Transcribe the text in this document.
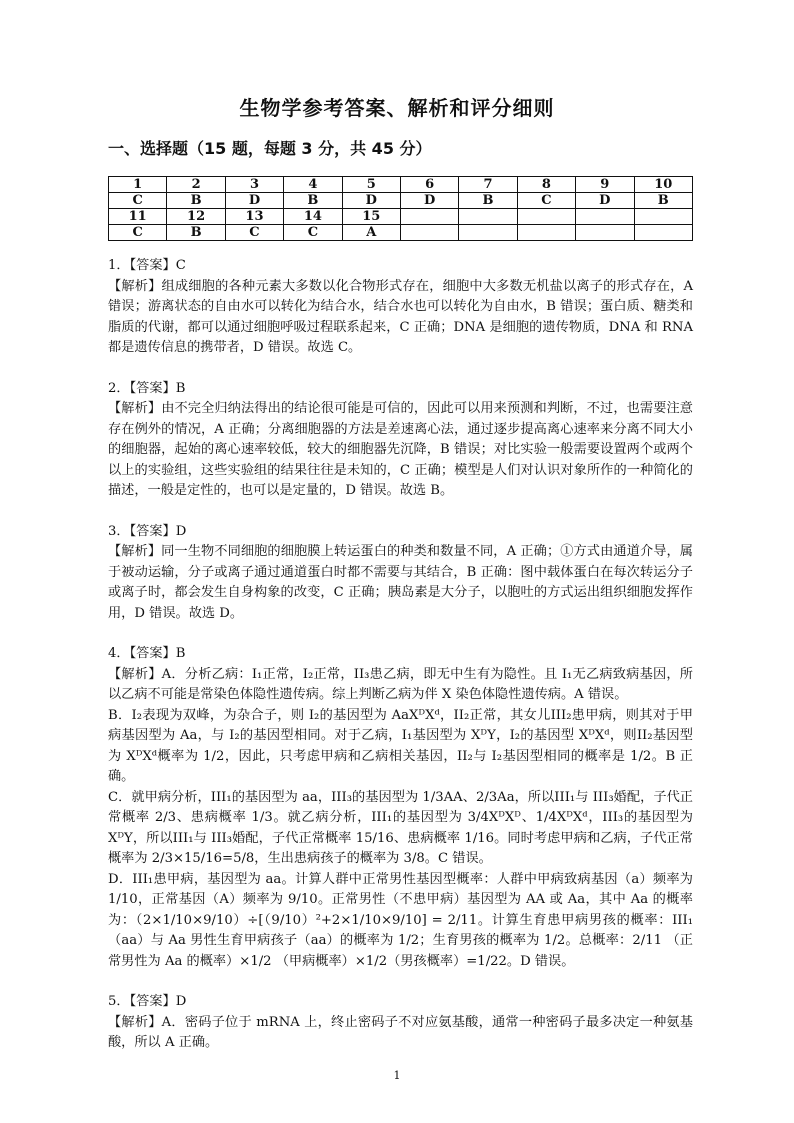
生物学参考答案、解析和评分细则
一、选择题（15 题，每题 3 分，共 45 分）
1	2	3	4	5	6	7	8	9	10
C	B	D	B	D	D	B	C	D	B
11	12	13	14	15					
C	B	C	C	A					

1．【答案】C

【解析】组成细胞的各种元素大多数以化合物形式存在，细胞中大多数无机盐以离子的形式存在，A 错误；游离状态的自由水可以转化为结合水，结合水也可以转化为自由水，B 错误；蛋白质、糖类和脂质的代谢，都可以通过细胞呼吸过程联系起来，C 正确；DNA 是细胞的遗传物质，DNA 和 RNA 都是遗传信息的携带者，D 错误。故选 C。

2．【答案】B

【解析】由不完全归纳法得出的结论很可能是可信的，因此可以用来预测和判断，不过，也需要注意存在例外的情况，A 正确；分离细胞器的方法是差速离心法，通过逐步提高离心速率来分离不同大小的细胞器，起始的离心速率较低，较大的细胞器先沉降，B 错误；对比实验一般需要设置两个或两个以上的实验组，这些实验组的结果往往是未知的，C 正确；模型是人们对认识对象所作的一种简化的描述，一般是定性的，也可以是定量的，D 错误。故选 B。

3．【答案】D

【解析】同一生物不同细胞的细胞膜上转运蛋白的种类和数量不同，A 正确；①方式由通道介导，属于被动运输，分子或离子通过通道蛋白时都不需要与其结合，B 正确：图中载体蛋白在每次转运分子或离子时，都会发生自身构象的改变，C 正确；胰岛素是大分子，以胞吐的方式运出组织细胞发挥作用，D 错误。故选 D。

4．【答案】B

【解析】A．分析乙病：I₁正常，I₂正常，II₃患乙病，即无中生有为隐性。且 I₁无乙病致病基因，所以乙病不可能是常染色体隐性遗传病。综上判断乙病为伴 X 染色体隐性遗传病。A 错误。

B．I₂表现为双峰，为杂合子，则 I₂的基因型为 AaXᴰXᵈ，II₂正常，其女儿III₂患甲病，则其对于甲病基因型为 Aa，与 I₂的基因型相同。对于乙病，I₁基因型为 XᴰY，I₂的基因型 XᴰXᵈ，则II₂基因型为 XᴰXᵈ概率为 1/2，因此，只考虑甲病和乙病相关基因，II₂与 I₂基因型相同的概率是 1/2。B 正确。

C．就甲病分析，III₁的基因型为 aa，III₃的基因型为 1/3AA、2/3Aa，所以III₁与 III₃婚配，子代正常概率 2/3、患病概率 1/3。就乙病分析，III₁的基因型为 3/4XᴰXᴰ、1/4XᴰXᵈ，III₃的基因型为 XᴰY，所以III₁与 III₃婚配，子代正常概率 15/16、患病概率 1/16。同时考虑甲病和乙病，子代正常概率为 2/3×15/16=5/8，生出患病孩子的概率为 3/8。C 错误。

D．III₁患甲病，基因型为 aa。计算人群中正常男性基因型概率：人群中甲病致病基因（a）频率为 1/10，正常基因（A）频率为 9/10。正常男性（不患甲病）基因型为 AA 或 Aa，其中 Aa 的概率为：（2×1/10×9/10）÷[（9/10）²+2×1/10×9/10] = 2/11。计算生育患甲病男孩的概率：III₁（aa）与 Aa 男性生育甲病孩子（aa）的概率为 1/2；生育男孩的概率为 1/2。总概率：2/11 （正常男性为 Aa 的概率）×1/2 （甲病概率）×1/2（男孩概率）=1/22。D 错误。

5．【答案】D

【解析】A．密码子位于 mRNA 上，终止密码子不对应氨基酸，通常一种密码子最多决定一种氨基酸，所以 A 正确。

1
